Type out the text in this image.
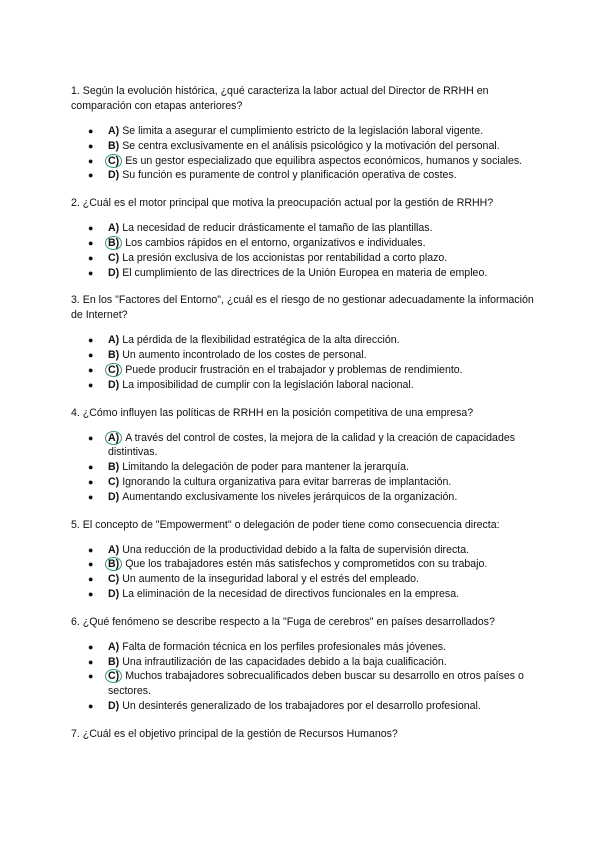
1. Según la evolución histórica, ¿qué caracteriza la labor actual del Director de RRHH en comparación con etapas anteriores?

● A) Se limita a asegurar el cumplimiento estricto de la legislación laboral vigente.
● B) Se centra exclusivamente en el análisis psicológico y la motivación del personal.
● C) Es un gestor especializado que equilibra aspectos económicos, humanos y sociales.
● D) Su función es puramente de control y planificación operativa de costes.

2. ¿Cuál es el motor principal que motiva la preocupación actual por la gestión de RRHH?

● A) La necesidad de reducir drásticamente el tamaño de las plantillas.
● B) Los cambios rápidos en el entorno, organizativos e individuales.
● C) La presión exclusiva de los accionistas por rentabilidad a corto plazo.
● D) El cumplimiento de las directrices de la Unión Europea en materia de empleo.

3. En los "Factores del Entorno", ¿cuál es el riesgo de no gestionar adecuadamente la información de Internet?

● A) La pérdida de la flexibilidad estratégica de la alta dirección.
● B) Un aumento incontrolado de los costes de personal.
● C) Puede producir frustración en el trabajador y problemas de rendimiento.
● D) La imposibilidad de cumplir con la legislación laboral nacional.

4. ¿Cómo influyen las políticas de RRHH en la posición competitiva de una empresa?

● A) A través del control de costes, la mejora de la calidad y la creación de capacidades distintivas.
● B) Limitando la delegación de poder para mantener la jerarquía.
● C) Ignorando la cultura organizativa para evitar barreras de implantación.
● D) Aumentando exclusivamente los niveles jerárquicos de la organización.

5. El concepto de "Empowerment" o delegación de poder tiene como consecuencia directa:

● A) Una reducción de la productividad debido a la falta de supervisión directa.
● B) Que los trabajadores estén más satisfechos y comprometidos con su trabajo.
● C) Un aumento de la inseguridad laboral y el estrés del empleado.
● D) La eliminación de la necesidad de directivos funcionales en la empresa.

6. ¿Qué fenómeno se describe respecto a la "Fuga de cerebros" en países desarrollados?

● A) Falta de formación técnica en los perfiles profesionales más jóvenes.
● B) Una infrautilización de las capacidades debido a la baja cualificación.
● C) Muchos trabajadores sobrecualificados deben buscar su desarrollo en otros países o sectores.
● D) Un desinterés generalizado de los trabajadores por el desarrollo profesional.

7. ¿Cuál es el objetivo principal de la gestión de Recursos Humanos?
